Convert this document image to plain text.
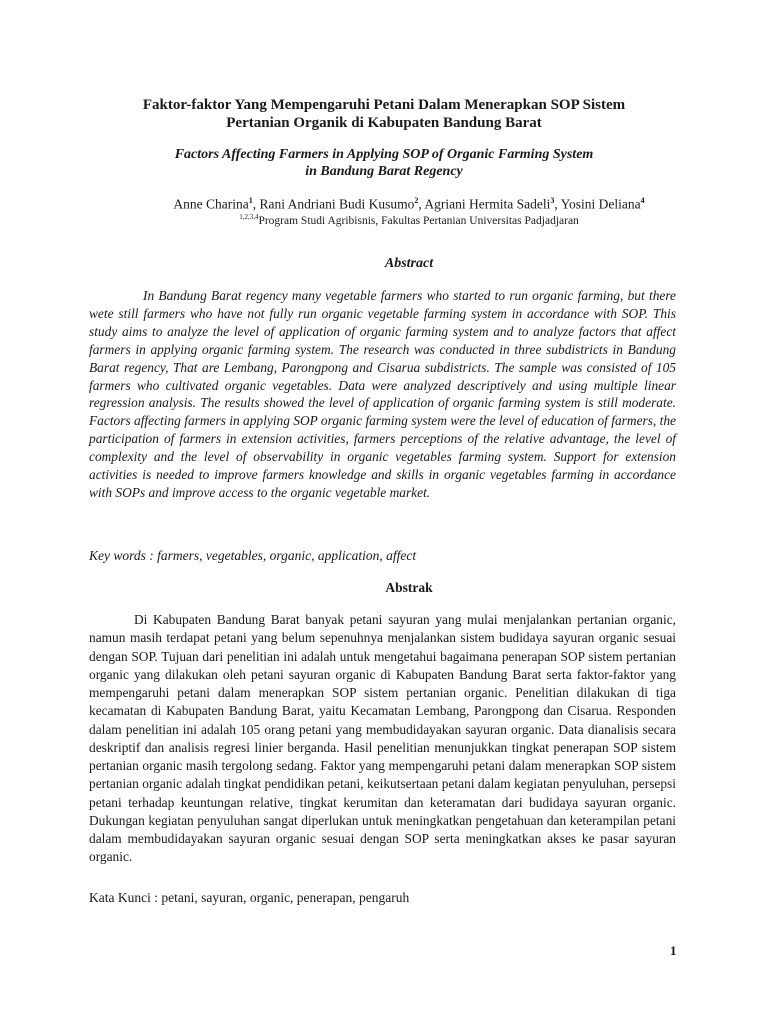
Faktor-faktor Yang Mempengaruhi Petani Dalam Menerapkan SOP Sistem
Pertanian Organik di Kabupaten Bandung Barat
Factors Affecting Farmers in Applying SOP of Organic Farming System
in Bandung Barat Regency
Anne Charina$^1$, Rani Andriani Budi Kusumo$^2$, Agriani Hermita Sadeli$^3$, Yosini Deliana$^4$
$^{1,2,3,4}$Program Studi Agribisnis, Fakultas Pertanian Universitas Padjadjaran
Abstract

In Bandung Barat regency many vegetable farmers who started to run organic farming, but there wete still farmers who have not fully run organic vegetable farming system in accordance with SOP. This study aims to analyze the level of application of organic farming system and to analyze factors that affect farmers in applying organic farming system. The research was conducted in three subdistricts in Bandung Barat regency, That are Lembang, Parongpong and Cisarua subdistricts. The sample was consisted of 105 farmers who cultivated organic vegetables. Data were analyzed descriptively and using multiple linear regression analysis. The results showed the level of application of organic farming system is still moderate. Factors affecting farmers in applying SOP organic farming system were the level of education of farmers, the participation of farmers in extension activities, farmers perceptions of the relative advantage, the level of complexity and the level of observability in organic vegetables farming system. Support for extension activities is needed to improve farmers knowledge and skills in organic vegetables farming in accordance with SOPs and improve access to the organic vegetable market.

Key words : farmers, vegetables, organic, application, affect
Abstrak

Di Kabupaten Bandung Barat banyak petani sayuran yang mulai menjalankan pertanian organic, namun masih terdapat petani yang belum sepenuhnya menjalankan sistem budidaya sayuran organic sesuai dengan SOP. Tujuan dari penelitian ini adalah untuk mengetahui bagaimana penerapan SOP sistem pertanian organic yang dilakukan oleh petani sayuran organic di Kabupaten Bandung Barat serta faktor-faktor yang mempengaruhi petani dalam menerapkan SOP sistem pertanian organic. Penelitian dilakukan di tiga kecamatan di Kabupaten Bandung Barat, yaitu Kecamatan Lembang, Parongpong dan Cisarua. Responden dalam penelitian ini adalah 105 orang petani yang membudidayakan sayuran organic. Data dianalisis secara deskriptif dan analisis regresi linier berganda. Hasil penelitian menunjukkan tingkat penerapan SOP sistem pertanian organic masih tergolong sedang. Faktor yang mempengaruhi petani dalam menerapkan SOP sistem pertanian organic adalah tingkat pendidikan petani, keikutsertaan petani dalam kegiatan penyuluhan, persepsi petani terhadap keuntungan relative, tingkat kerumitan dan keteramatan dari budidaya sayuran organic. Dukungan kegiatan penyuluhan sangat diperlukan untuk meningkatkan pengetahuan dan keterampilan petani dalam membudidayakan sayuran organic sesuai dengan SOP serta meningkatkan akses ke pasar sayuran organic.

Kata Kunci : petani, sayuran, organic, penerapan, pengaruh
1
